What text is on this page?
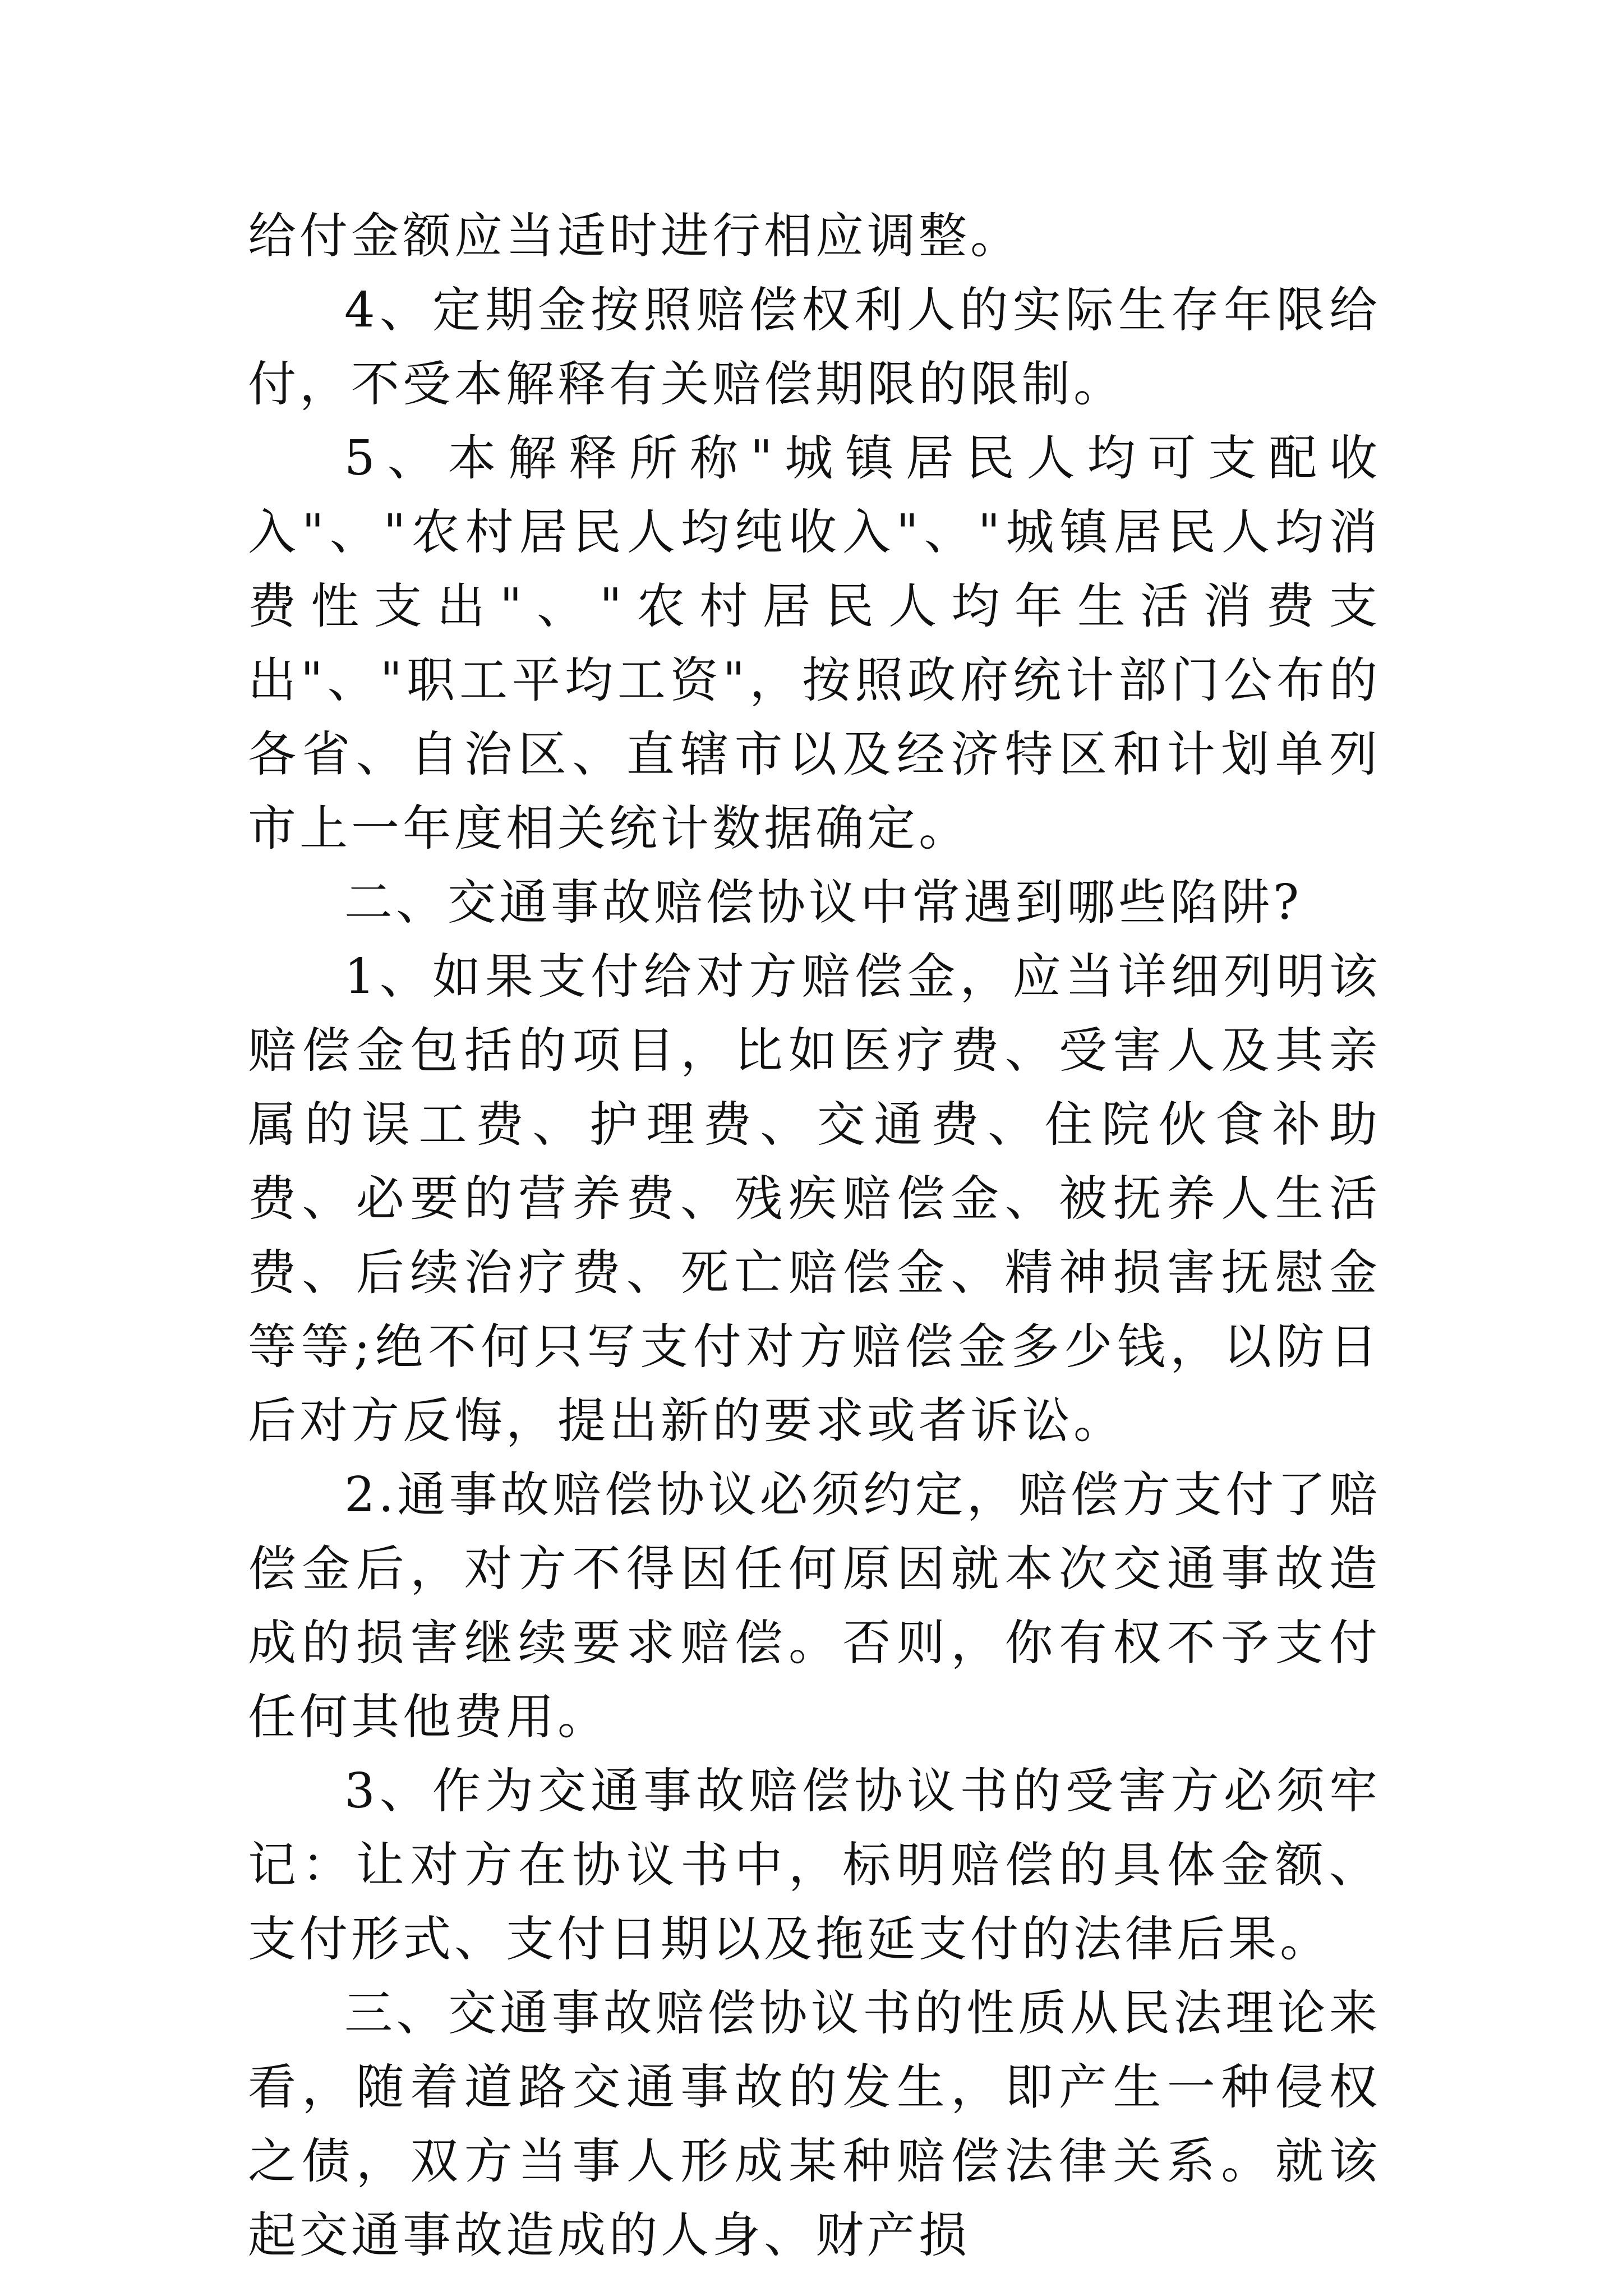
给付金额应当适时进行相应调整。

4、定期金按照赔偿权利人的实际生存年限给付，不受本解释有关赔偿期限的限制。

5、本解释所称"城镇居民人均可支配收入"、"农村居民人均纯收入"、"城镇居民人均消费性支出"、"农村居民人均年生活消费支出"、"职工平均工资"，按照政府统计部门公布的各省、自治区、直辖市以及经济特区和计划单列市上一年度相关统计数据确定。

二、交通事故赔偿协议中常遇到哪些陷阱?

1、如果支付给对方赔偿金，应当详细列明该赔偿金包括的项目，比如医疗费、受害人及其亲属的误工费、护理费、交通费、住院伙食补助费、必要的营养费、残疾赔偿金、被抚养人生活费、后续治疗费、死亡赔偿金、精神损害抚慰金等等;绝不何只写支付对方赔偿金多少钱，以防日后对方反悔，提出新的要求或者诉讼。

2.通事故赔偿协议必须约定，赔偿方支付了赔偿金后，对方不得因任何原因就本次交通事故造成的损害继续要求赔偿。否则，你有权不予支付任何其他费用。

3、作为交通事故赔偿协议书的受害方必须牢记：让对方在协议书中，标明赔偿的具体金额、支付形式、支付日期以及拖延支付的法律后果。

三、交通事故赔偿协议书的性质从民法理论来看，随着道路交通事故的发生，即产生一种侵权之债，双方当事人形成某种赔偿法律关系。就该起交通事故造成的人身、财产损
